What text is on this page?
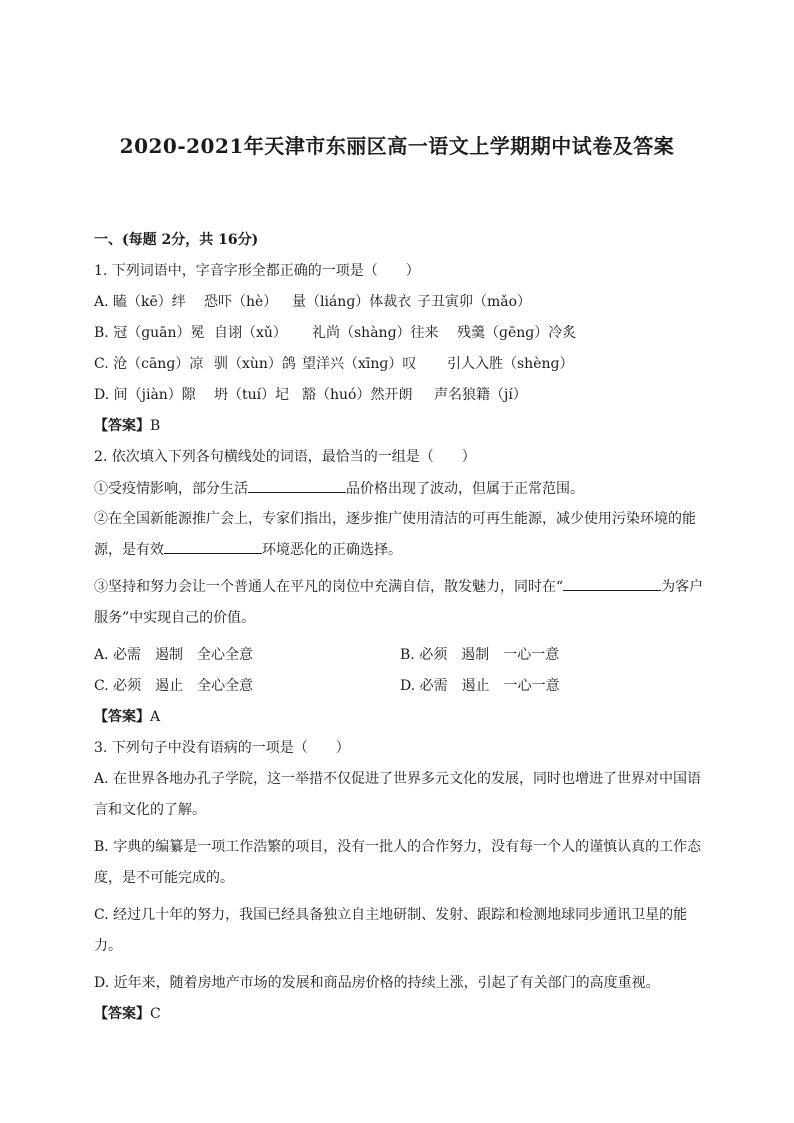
2020-2021年天津市东丽区高一语文上学期期中试卷及答案
一、(每题 2分，共 16分)
1. 下列词语中，字音字形全都正确的一项是（　　）
A. 瞌（kē）绊 恐吓（hè） 量（liánɡ）体裁衣 子丑寅卯（mǎo）
B. 冠（ɡuān）冕 自诩（xǔ） 礼尚（shànɡ）往来 残羹（ɡēnɡ）冷炙
C. 沧（cānɡ）凉 驯（xùn）鸽 望洋兴（xīnɡ）叹 引人入胜（shènɡ）
D. 间（jiàn）隙 坍（tuí）圮 豁（huó）然开朗 声名狼籍（jí）
【答案】B
2. 依次填入下列各句横线处的词语，最恰当的一组是（　　）
①受疫情影响，部分生活	品价格出现了波动，但属于正常范围。
②在全国新能源推广会上，专家们指出，逐步推广使用清洁的可再生能源，减少使用污染环境的能源，是有效	环境恶化的正确选择。
③坚持和努力会让一个普通人在平凡的岗位中充满自信，散发魅力，同时在“	为客户服务”中实现自己的价值。
A. 必需　遏制　全心全意	B. 必须　遏制　一心一意
C. 必须　遏止　全心全意	D. 必需　遏止　一心一意
【答案】A
3. 下列句子中没有语病的一项是（　　）
A. 在世界各地办孔子学院，这一举措不仅促进了世界多元文化的发展，同时也增进了世界对中国语言和文化的了解。
B. 字典的编纂是一项工作浩繁的项目，没有一批人的合作努力，没有每一个人的谨慎认真的工作态度，是不可能完成的。
C. 经过几十年的努力，我国已经具备独立自主地研制、发射、跟踪和检测地球同步通讯卫星的能力。
D. 近年来，随着房地产市场的发展和商品房价格的持续上涨，引起了有关部门的高度重视。
【答案】C
